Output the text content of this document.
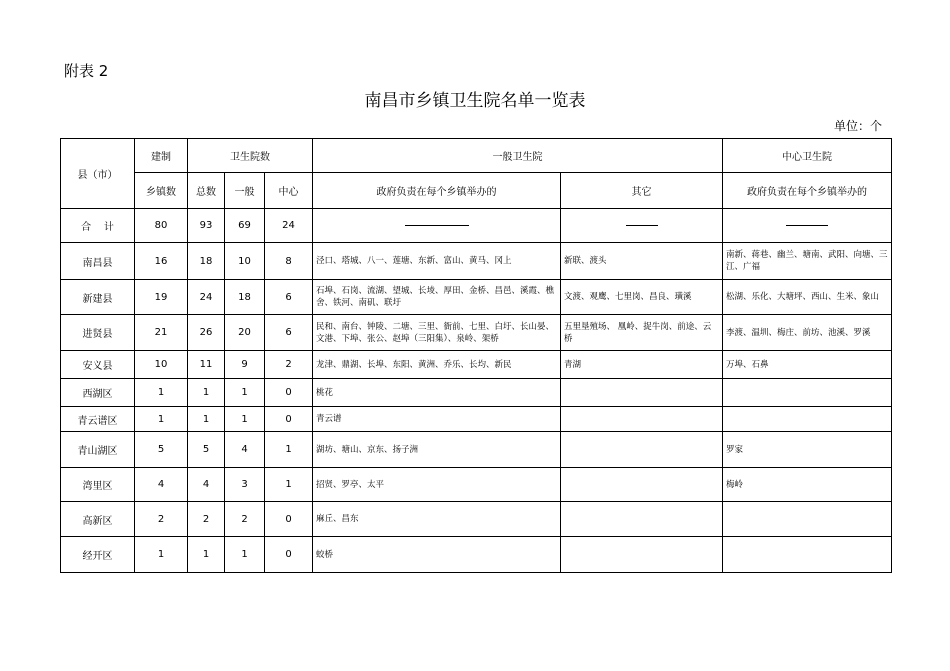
附表 2
南昌市乡镇卫生院名单一览表
单位：个
县（市）	建制	卫生院数			一般卫生院		中心卫生院
	乡镇数	总数	一般	中心	政府负责在每个乡镇举办的	其它	政府负责在每个乡镇举办的
合    计	80	93	69	24			
南昌县	16	18	10	8	泾口、塔城、八一、莲塘、东新、富山、黄马、冈上	新联、渡头	南新、蒋巷、幽兰、塘南、武阳、向塘、三江、广福
新建县	19	24	18	6	石埠、石岗、流湖、望城、长堎、厚田、金桥、昌邑、溪霞、樵舍、铁河、南矶、联圩	文渡、观鹰、七里岗、昌良、璜溪	松湖、乐化、大塘坪、西山、生米、象山
进贤县	21	26	20	6	民和、南台、钟陵、二塘、三里、衙前、七里、白圩、长山晏、文港、下埠、张公、赵埠（三阳集）、泉岭、架桥	五里垦殖场、 凰岭、捉牛岗、前途、云桥	李渡、温圳、梅庄、前坊、池溪、罗溪
安义县	10	11	9	2	龙津、鼎湖、长埠、东阳、黄洲、乔乐、长均、新民	青湖	万埠、石鼻
西湖区	1	1	1	0	桃花		
青云谱区	1	1	1	0	青云谱		
青山湖区	5	5	4	1	湖坊、塘山、京东、扬子洲		罗家
湾里区	4	4	3	1	招贤、罗亭、太平		梅岭
高新区	2	2	2	0	麻丘、昌东		
经开区	1	1	1	0	蛟桥		
